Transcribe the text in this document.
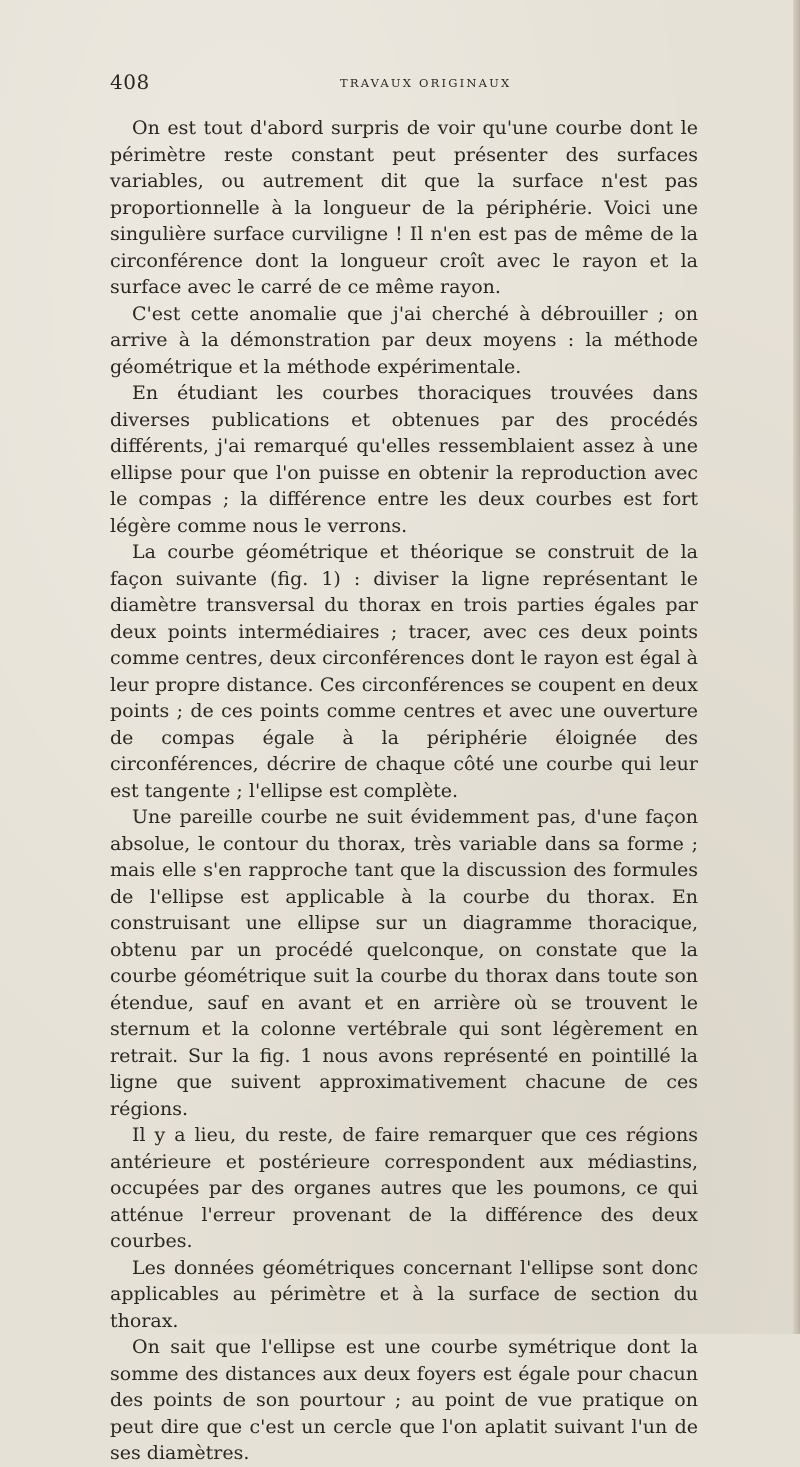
408	TRAVAUX ORIGINAUX

On est tout d'abord surpris de voir qu'une courbe dont le périmètre reste constant peut présenter des surfaces variables, ou autrement dit que la surface n'est pas proportionnelle à la longueur de la périphérie. Voici une singulière surface curviligne ! Il n'en est pas de même de la circonférence dont la longueur croît avec le rayon et la surface avec le carré de ce même rayon.

C'est cette anomalie que j'ai cherché à débrouiller ; on arrive à la démonstration par deux moyens : la méthode géométrique et la méthode expérimentale.

En étudiant les courbes thoraciques trouvées dans diverses publications et obtenues par des procédés différents, j'ai remarqué qu'elles ressemblaient assez à une ellipse pour que l'on puisse en obtenir la reproduction avec le compas ; la différence entre les deux courbes est fort légère comme nous le verrons.

La courbe géométrique et théorique se construit de la façon suivante (fig. 1) : diviser la ligne représentant le diamètre transversal du thorax en trois parties égales par deux points intermédiaires ; tracer, avec ces deux points comme centres, deux circonférences dont le rayon est égal à leur propre distance. Ces circonférences se coupent en deux points ; de ces points comme centres et avec une ouverture de compas égale à la périphérie éloignée des circonférences, décrire de chaque côté une courbe qui leur est tangente ; l'ellipse est complète.

Une pareille courbe ne suit évidemment pas, d'une façon absolue, le contour du thorax, très variable dans sa forme ; mais elle s'en rapproche tant que la discussion des formules de l'ellipse est applicable à la courbe du thorax. En construisant une ellipse sur un diagramme thoracique, obtenu par un procédé quelconque, on constate que la courbe géométrique suit la courbe du thorax dans toute son étendue, sauf en avant et en arrière où se trouvent le sternum et la colonne vertébrale qui sont légèrement en retrait. Sur la fig. 1 nous avons représenté en pointillé la ligne que suivent approximativement chacune de ces régions.

Il y a lieu, du reste, de faire remarquer que ces régions antérieure et postérieure correspondent aux médiastins, occupées par des organes autres que les poumons, ce qui atténue l'erreur provenant de la différence des deux courbes.

Les données géométriques concernant l'ellipse sont donc applicables au périmètre et à la surface de section du thorax.

On sait que l'ellipse est une courbe symétrique dont la somme des distances aux deux foyers est égale pour chacun des points de son pourtour ; au point de vue pratique on peut dire que c'est un cercle que l'on aplatit suivant l'un de ses diamètres.
